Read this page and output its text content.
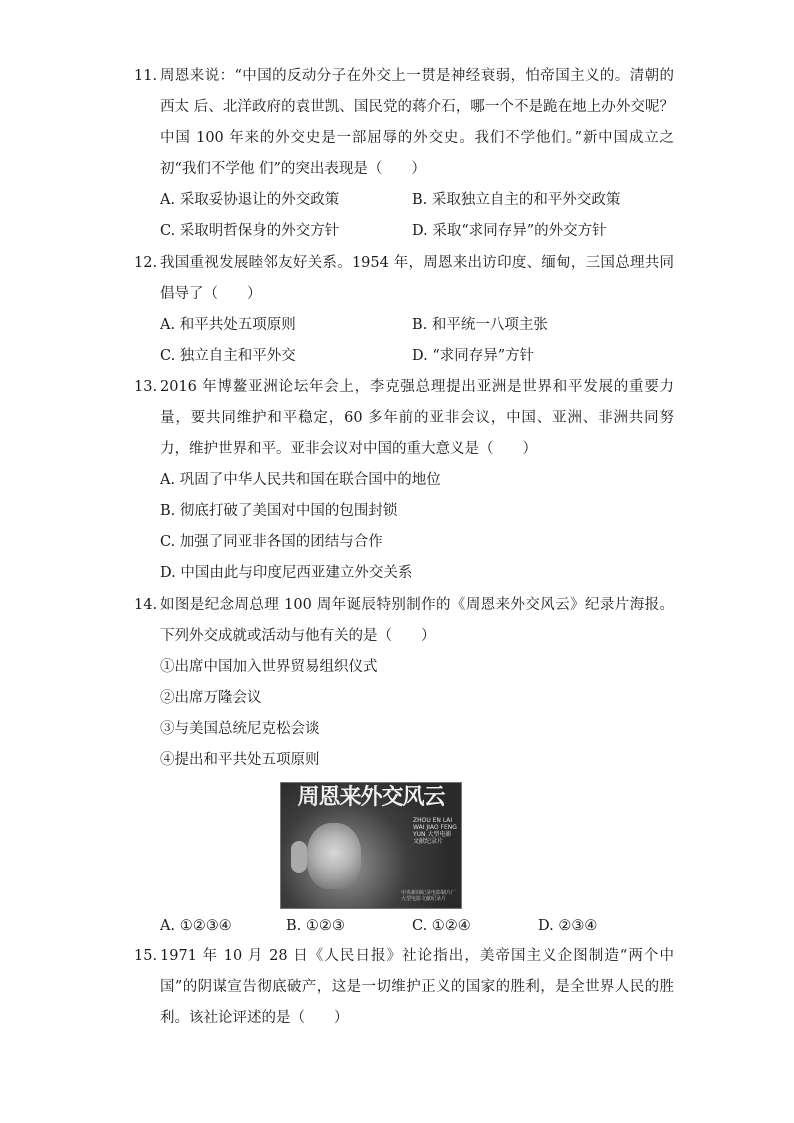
11. 周恩来说：“中国的反动分子在外交上一贯是神经衰弱，怕帝国主义的。清朝的西太 后、北洋政府的袁世凯、国民党的蒋介石，哪一个不是跪在地上办外交呢？中国 100 年来的外交史是一部屈辱的外交史。我们不学他们。”新中国成立之初“我们不学他 们”的突出表现是（　　）
A. 采取妥协退让的外交政策	B. 采取独立自主的和平外交政策
C. 采取明哲保身的外交方针	D. 采取“求同存异”的外交方针
12. 我国重视发展睦邻友好关系。1954 年，周恩来出访印度、缅甸，三国总理共同倡导了（　　）
A. 和平共处五项原则	B. 和平统一八项主张
C. 独立自主和平外交	D. “求同存异”方针
13. 2016 年博鳌亚洲论坛年会上，李克强总理提出亚洲是世界和平发展的重要力量，要共同维护和平稳定，60 多年前的亚非会议，中国、亚洲、非洲共同努力，维护世界和平。亚非会议对中国的重大意义是（　　）
A. 巩固了中华人民共和国在联合国中的地位
B. 彻底打破了美国对中国的包围封锁
C. 加强了同亚非各国的团结与合作
D. 中国由此与印度尼西亚建立外交关系
14. 如图是纪念周总理 100 周年诞辰特别制作的《周恩来外交风云》纪录片海报。下列外交成就或活动与他有关的是（　　）
①出席中国加入世界贸易组织仪式
②出席万隆会议
③与美国总统尼克松会谈
④提出和平共处五项原则
周恩来外交风云
ZHOU EN LAI WAI JIAO FENG YUN 大型电影文献纪录片
中央新闻纪录电影制片厂 大型电影文献纪录片
A. ①②③④	B. ①②③	C. ①②④	D. ②③④
15. 1971 年 10 月 28 日《人民日报》社论指出，美帝国主义企图制造“两个中国”的阴谋宣告彻底破产，这是一切维护正义的国家的胜利，是全世界人民的胜利。该社论评述的是（　　）
